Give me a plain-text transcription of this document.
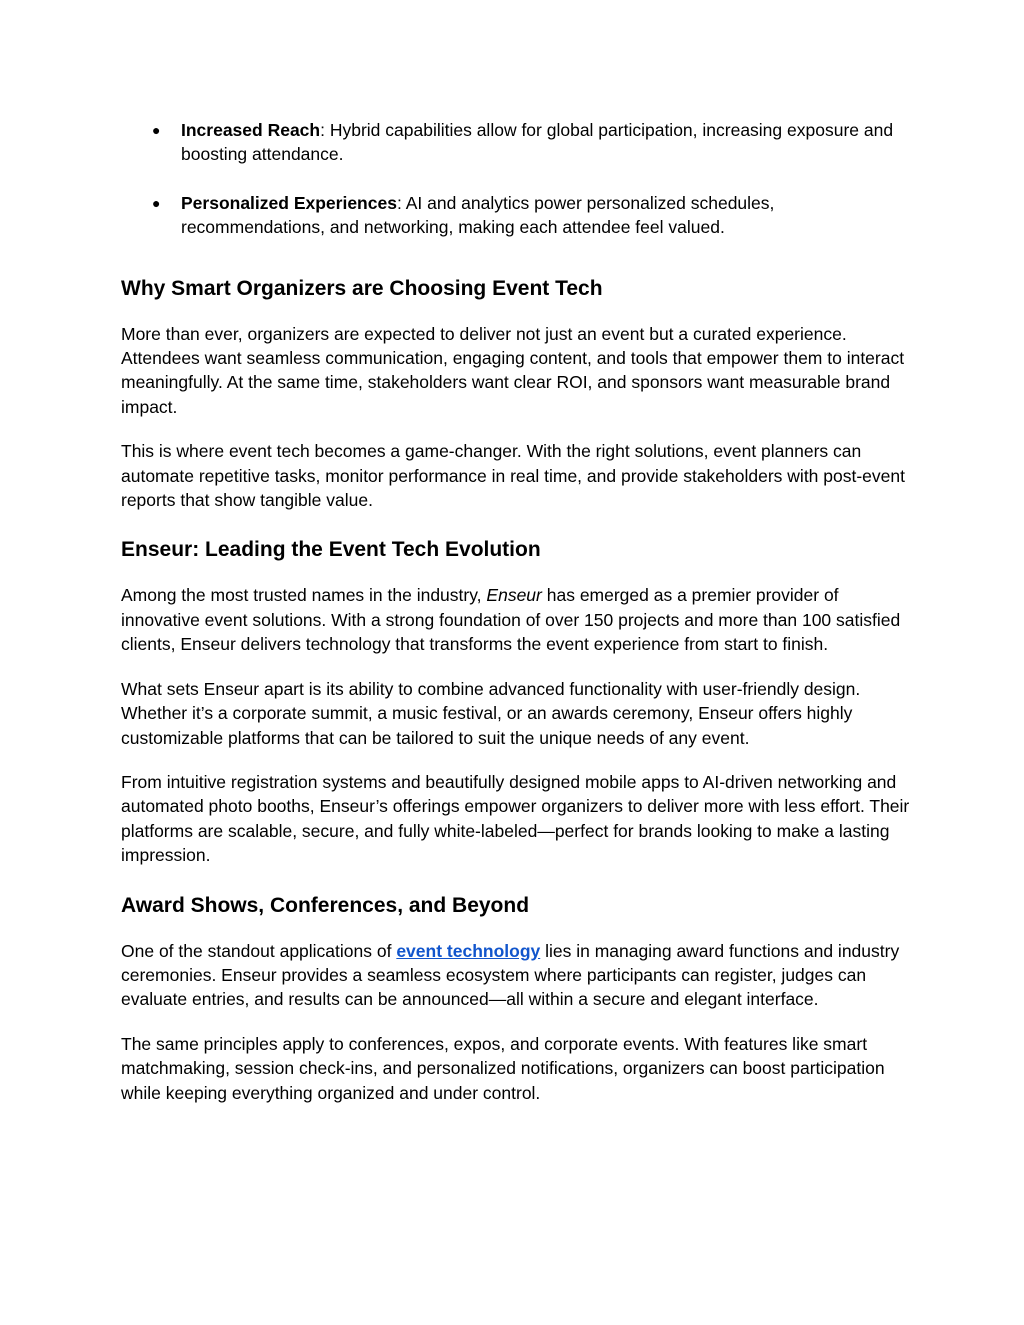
● Increased Reach: Hybrid capabilities allow for global participation, increasing exposure and boosting attendance.
● Personalized Experiences: AI and analytics power personalized schedules, recommendations, and networking, making each attendee feel valued.
Why Smart Organizers are Choosing Event Tech

More than ever, organizers are expected to deliver not just an event but a curated experience. Attendees want seamless communication, engaging content, and tools that empower them to interact meaningfully. At the same time, stakeholders want clear ROI, and sponsors want measurable brand impact.

This is where event tech becomes a game-changer. With the right solutions, event planners can automate repetitive tasks, monitor performance in real time, and provide stakeholders with post-event reports that show tangible value.

Enseur: Leading the Event Tech Evolution

Among the most trusted names in the industry, Enseur has emerged as a premier provider of innovative event solutions. With a strong foundation of over 150 projects and more than 100 satisfied clients, Enseur delivers technology that transforms the event experience from start to finish.

What sets Enseur apart is its ability to combine advanced functionality with user-friendly design. Whether it’s a corporate summit, a music festival, or an awards ceremony, Enseur offers highly customizable platforms that can be tailored to suit the unique needs of any event.

From intuitive registration systems and beautifully designed mobile apps to AI-driven networking and automated photo booths, Enseur’s offerings empower organizers to deliver more with less effort. Their platforms are scalable, secure, and fully white-labeled—perfect for brands looking to make a lasting impression.

Award Shows, Conferences, and Beyond

One of the standout applications of event technology lies in managing award functions and industry ceremonies. Enseur provides a seamless ecosystem where participants can register, judges can evaluate entries, and results can be announced—all within a secure and elegant interface.

The same principles apply to conferences, expos, and corporate events. With features like smart matchmaking, session check-ins, and personalized notifications, organizers can boost participation while keeping everything organized and under control.
